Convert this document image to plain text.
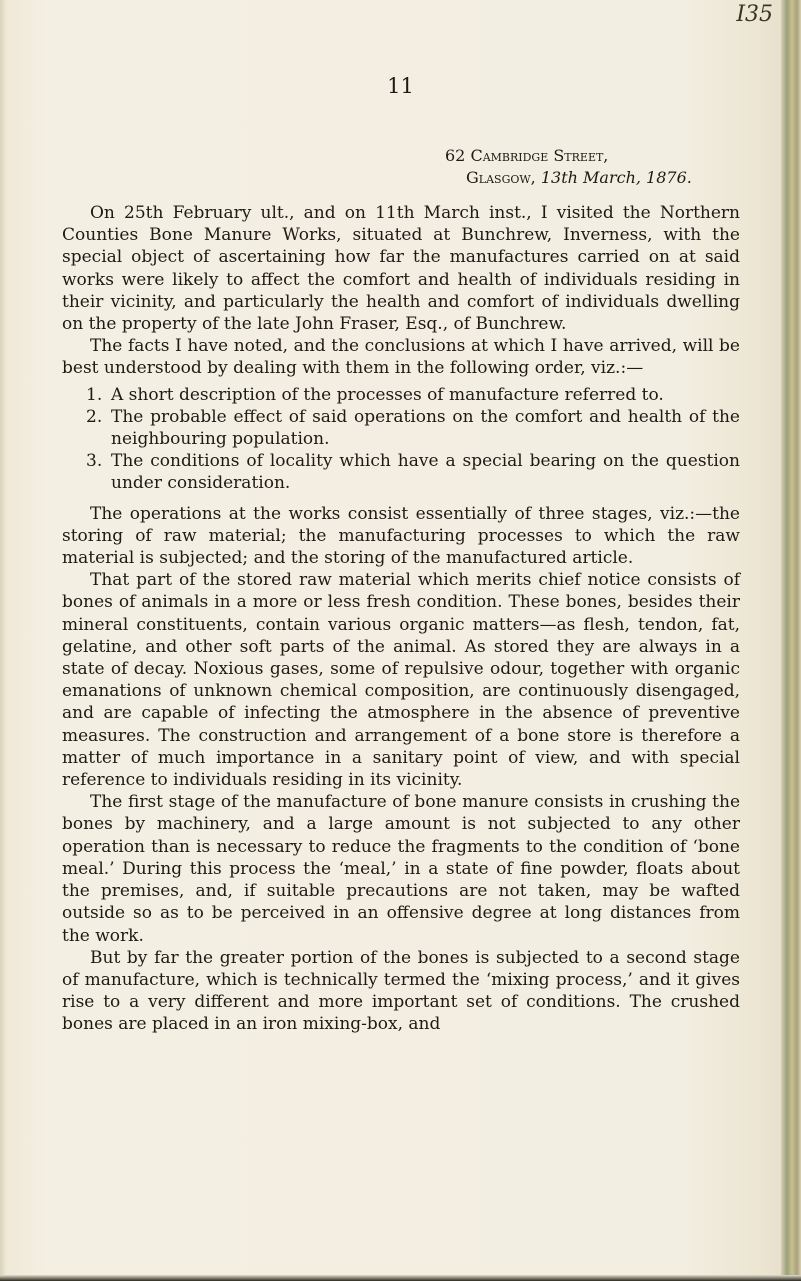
I35
11
62 Cambridge Street,
Glasgow, 13th March, 1876.

On 25th February ult., and on 11th March inst., I visited the Northern Counties Bone Manure Works, situated at Bunchrew, Inverness, with the special object of ascertaining how far the manufactures carried on at said works were likely to affect the comfort and health of individuals residing in their vicinity, and particularly the health and comfort of individuals dwelling on the property of the late John Fraser, Esq., of Bunchrew.

The facts I have noted, and the conclusions at which I have arrived, will be best understood by dealing with them in the following order, viz.:—

1. A short description of the processes of manufacture referred to.
2. The probable effect of said operations on the comfort and health of the neighbouring population.
3. The conditions of locality which have a special bearing on the question under consideration.

The operations at the works consist essentially of three stages, viz.:—the storing of raw material; the manufacturing processes to which the raw material is subjected; and the storing of the manufactured article.

That part of the stored raw material which merits chief notice consists of bones of animals in a more or less fresh condition. These bones, besides their mineral constituents, contain various organic matters—as flesh, tendon, fat, gelatine, and other soft parts of the animal. As stored they are always in a state of decay. Noxious gases, some of repulsive odour, together with organic emanations of unknown chemical composition, are continuously disengaged, and are capable of infecting the atmosphere in the absence of preventive measures. The construction and arrangement of a bone store is therefore a matter of much importance in a sanitary point of view, and with special reference to individuals residing in its vicinity.

The first stage of the manufacture of bone manure consists in crushing the bones by machinery, and a large amount is not subjected to any other operation than is necessary to reduce the fragments to the condition of ‘bone meal.’ During this process the ‘meal,’ in a state of fine powder, floats about the premises, and, if suitable precautions are not taken, may be wafted outside so as to be perceived in an offensive degree at long distances from the work.

But by far the greater portion of the bones is subjected to a second stage of manufacture, which is technically termed the ‘mixing process,’ and it gives rise to a very different and more important set of conditions. The crushed bones are placed in an iron mixing-box, and
